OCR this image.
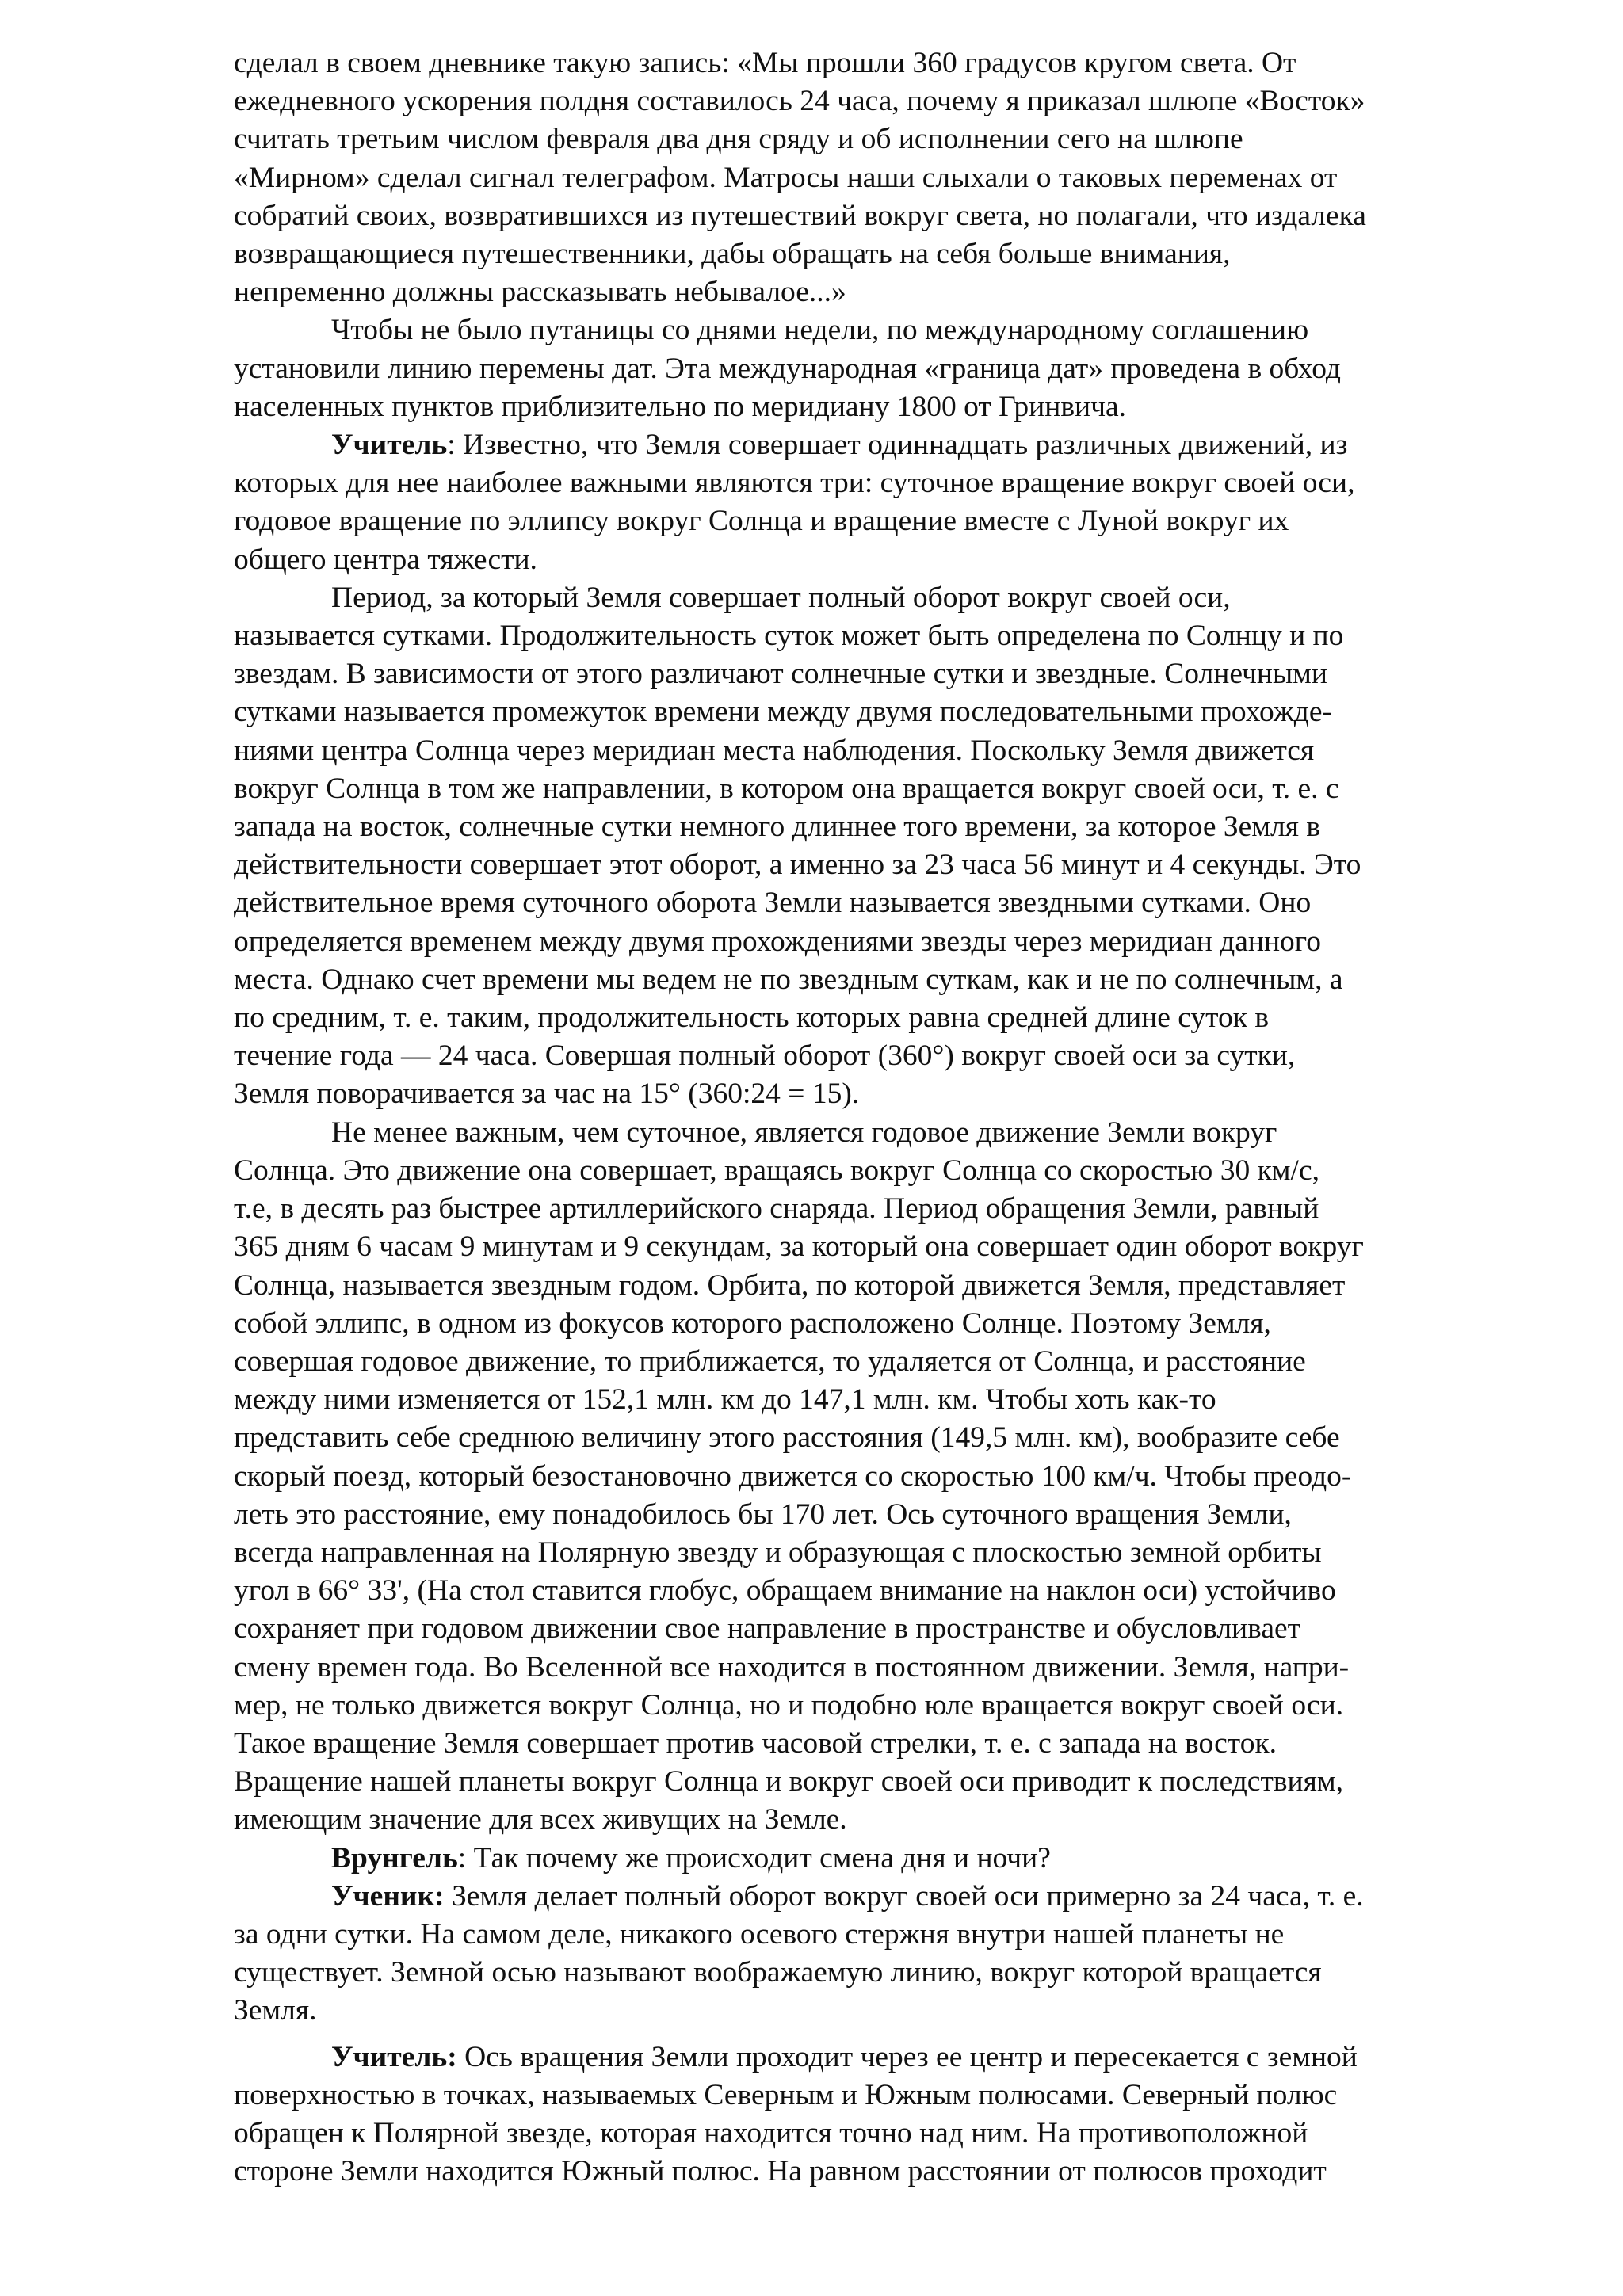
сделал в своем дневнике такую запись: «Мы прошли 360 градусов кругом света. От
ежедневного ускорения полдня составилось 24 часа, почему я приказал шлюпе «Восток»
считать третьим числом февраля два дня сряду и об исполнении сего на шлюпе
«Мирном» сделал сигнал телеграфом. Матросы наши слыхали о таковых переменах от
собратий своих, возвратившихся из путешествий вокруг света, но полагали, что издалека
возвращающиеся путешественники, дабы обращать на себя больше внимания,
непременно должны рассказывать небывалое...»
Чтобы не было путаницы со днями недели, по международному соглашению
установили линию перемены дат. Эта международная «граница дат» проведена в обход
населенных пунктов приблизительно по меридиану 1800 от Гринвича.
Учитель: Известно, что Земля совершает одиннадцать различных движений, из
которых для нее наиболее важными являются три: суточное вращение вокруг своей оси,
годовое вращение по эллипсу вокруг Солнца и вращение вместе с Луной вокруг их
общего центра тяжести.
Период, за который Земля совершает полный оборот вокруг своей оси,
называется сутками. Продолжительность суток может быть определена по Солнцу и по
звездам. В зависимости от этого различают солнечные сутки и звездные. Солнечными
сутками называется промежуток времени между двумя последовательными прохожде-
ниями центра Солнца через меридиан места наблюдения. Поскольку Земля движется
вокруг Солнца в том же направлении, в котором она вращается вокруг своей оси, т. е. с
запада на восток, солнечные сутки немного длиннее того времени, за которое Земля в
действительности совершает этот оборот, а именно за 23 часа 56 минут и 4 секунды. Это
действительное время суточного оборота Земли называется звездными сутками. Оно
определяется временем между двумя прохождениями звезды через меридиан данного
места. Однако счет времени мы ведем не по звездным суткам, как и не по солнечным, а
по средним, т. е. таким, продолжительность которых равна средней длине суток в
течение года — 24 часа. Совершая полный оборот (360°) вокруг своей оси за сутки,
Земля поворачивается за час на 15° (360:24 = 15).
Не менее важным, чем суточное, является годовое движение Земли вокруг
Солнца. Это движение она совершает, вращаясь вокруг Солнца со скоростью 30 км/с,
т.е, в десять раз быстрее артиллерийского снаряда. Период обращения Земли, равный
365 дням 6 часам 9 минутам и 9 секундам, за который она совершает один оборот вокруг
Солнца, называется звездным годом. Орбита, по которой движется Земля, представляет
собой эллипс, в одном из фокусов которого расположено Солнце. Поэтому Земля,
совершая годовое движение, то приближается, то удаляется от Солнца, и расстояние
между ними изменяется от 152,1 млн. км до 147,1 млн. км. Чтобы хоть как-то
представить себе среднюю величину этого расстояния (149,5 млн. км), вообразите себе
скорый поезд, который безостановочно движется со скоростью 100 км/ч. Чтобы преодо-
леть это расстояние, ему понадобилось бы 170 лет. Ось суточного вращения Земли,
всегда направленная на Полярную звезду и образующая с плоскостью земной орбиты
угол в 66° 33', (На стол ставится глобус, обращаем внимание на наклон оси) устойчиво
сохраняет при годовом движении свое направление в пространстве и обусловливает
смену времен года. Во Вселенной все находится в постоянном движении. Земля, напри-
мер, не только движется вокруг Солнца, но и подобно юле вращается вокруг своей оси.
Такое вращение Земля совершает против часовой стрелки, т. е. с запада на восток.
Вращение нашей планеты вокруг Солнца и вокруг своей оси приводит к последствиям,
имеющим значение для всех живущих на Земле.
Врунгель: Так почему же происходит смена дня и ночи?
Ученик: Земля делает полный оборот вокруг своей оси примерно за 24 часа, т. е.
за одни сутки. На самом деле, никакого осевого стержня внутри нашей планеты не
существует. Земной осью называют воображаемую линию, вокруг которой вращается
Земля.
Учитель: Ось вращения Земли проходит через ее центр и пересекается с земной
поверхностью в точках, называемых Северным и Южным полюсами. Северный полюс
обращен к Полярной звезде, которая находится точно над ним. На противоположной
стороне Земли находится Южный полюс. На равном расстоянии от полюсов проходит
